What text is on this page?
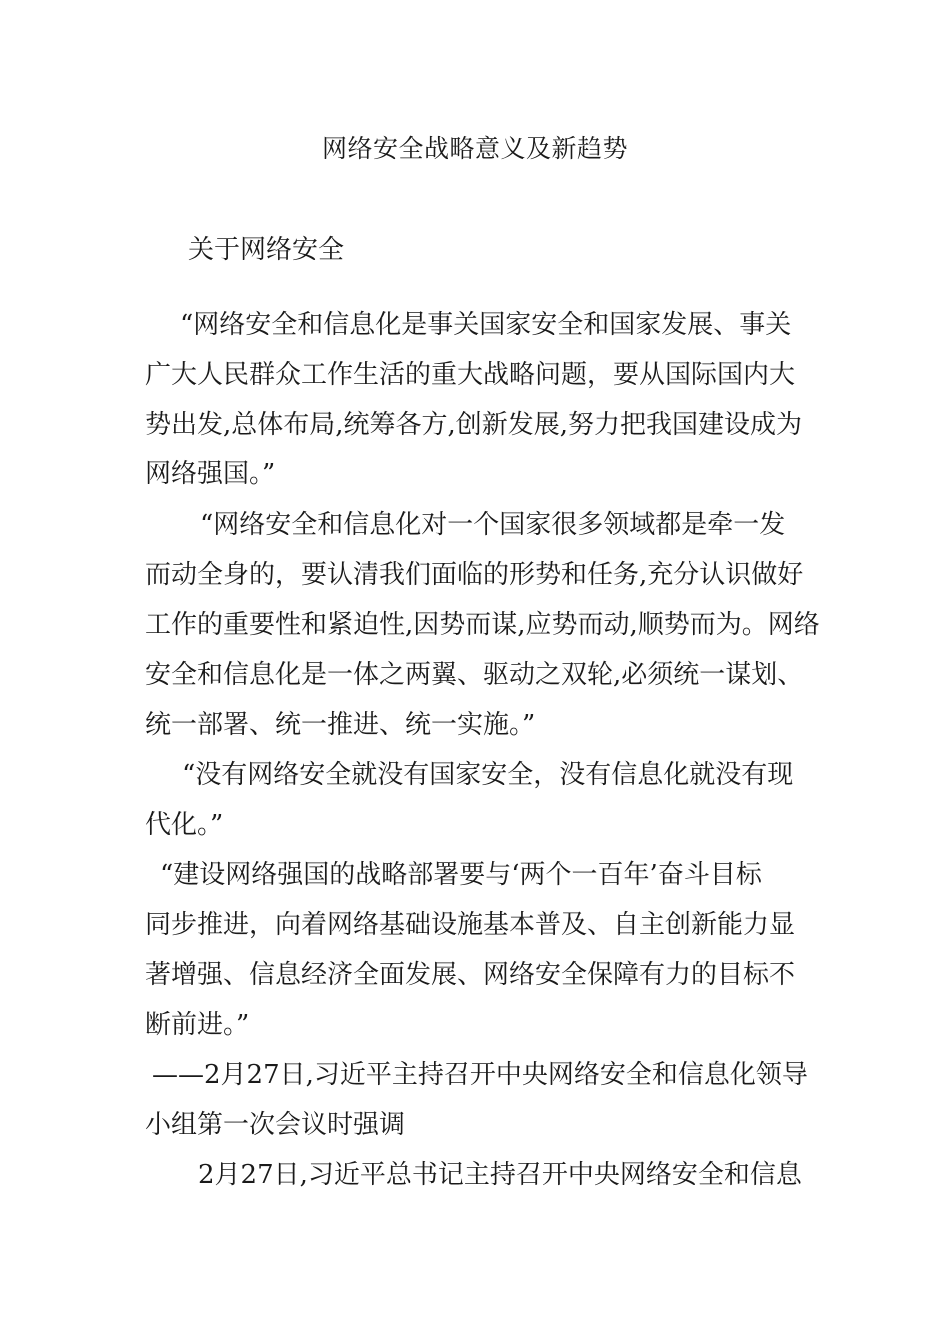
网络安全战略意义及新趋势
关于网络安全
“网络安全和信息化是事关国家安全和国家发展、事关
广大人民群众工作生活的重大战略问题，要从国际国内大
势出发,总体布局,统筹各方,创新发展,努力把我国建设成为
网络强国。”
“网络安全和信息化对一个国家很多领域都是牵一发
而动全身的，要认清我们面临的形势和任务,充分认识做好
工作的重要性和紧迫性,因势而谋,应势而动,顺势而为。网络
安全和信息化是一体之两翼、驱动之双轮,必须统一谋划、
统一部署、统一推进、统一实施。”
“没有网络安全就没有国家安全，没有信息化就没有现
代化。”
“建设网络强国的战略部署要与‘两个一百年’奋斗目标
同步推进，向着网络基础设施基本普及、自主创新能力显
著增强、信息经济全面发展、网络安全保障有力的目标不
断前进。”
——2月27日,习近平主持召开中央网络安全和信息化领导
小组第一次会议时强调
2月27日,习近平总书记主持召开中央网络安全和信息
